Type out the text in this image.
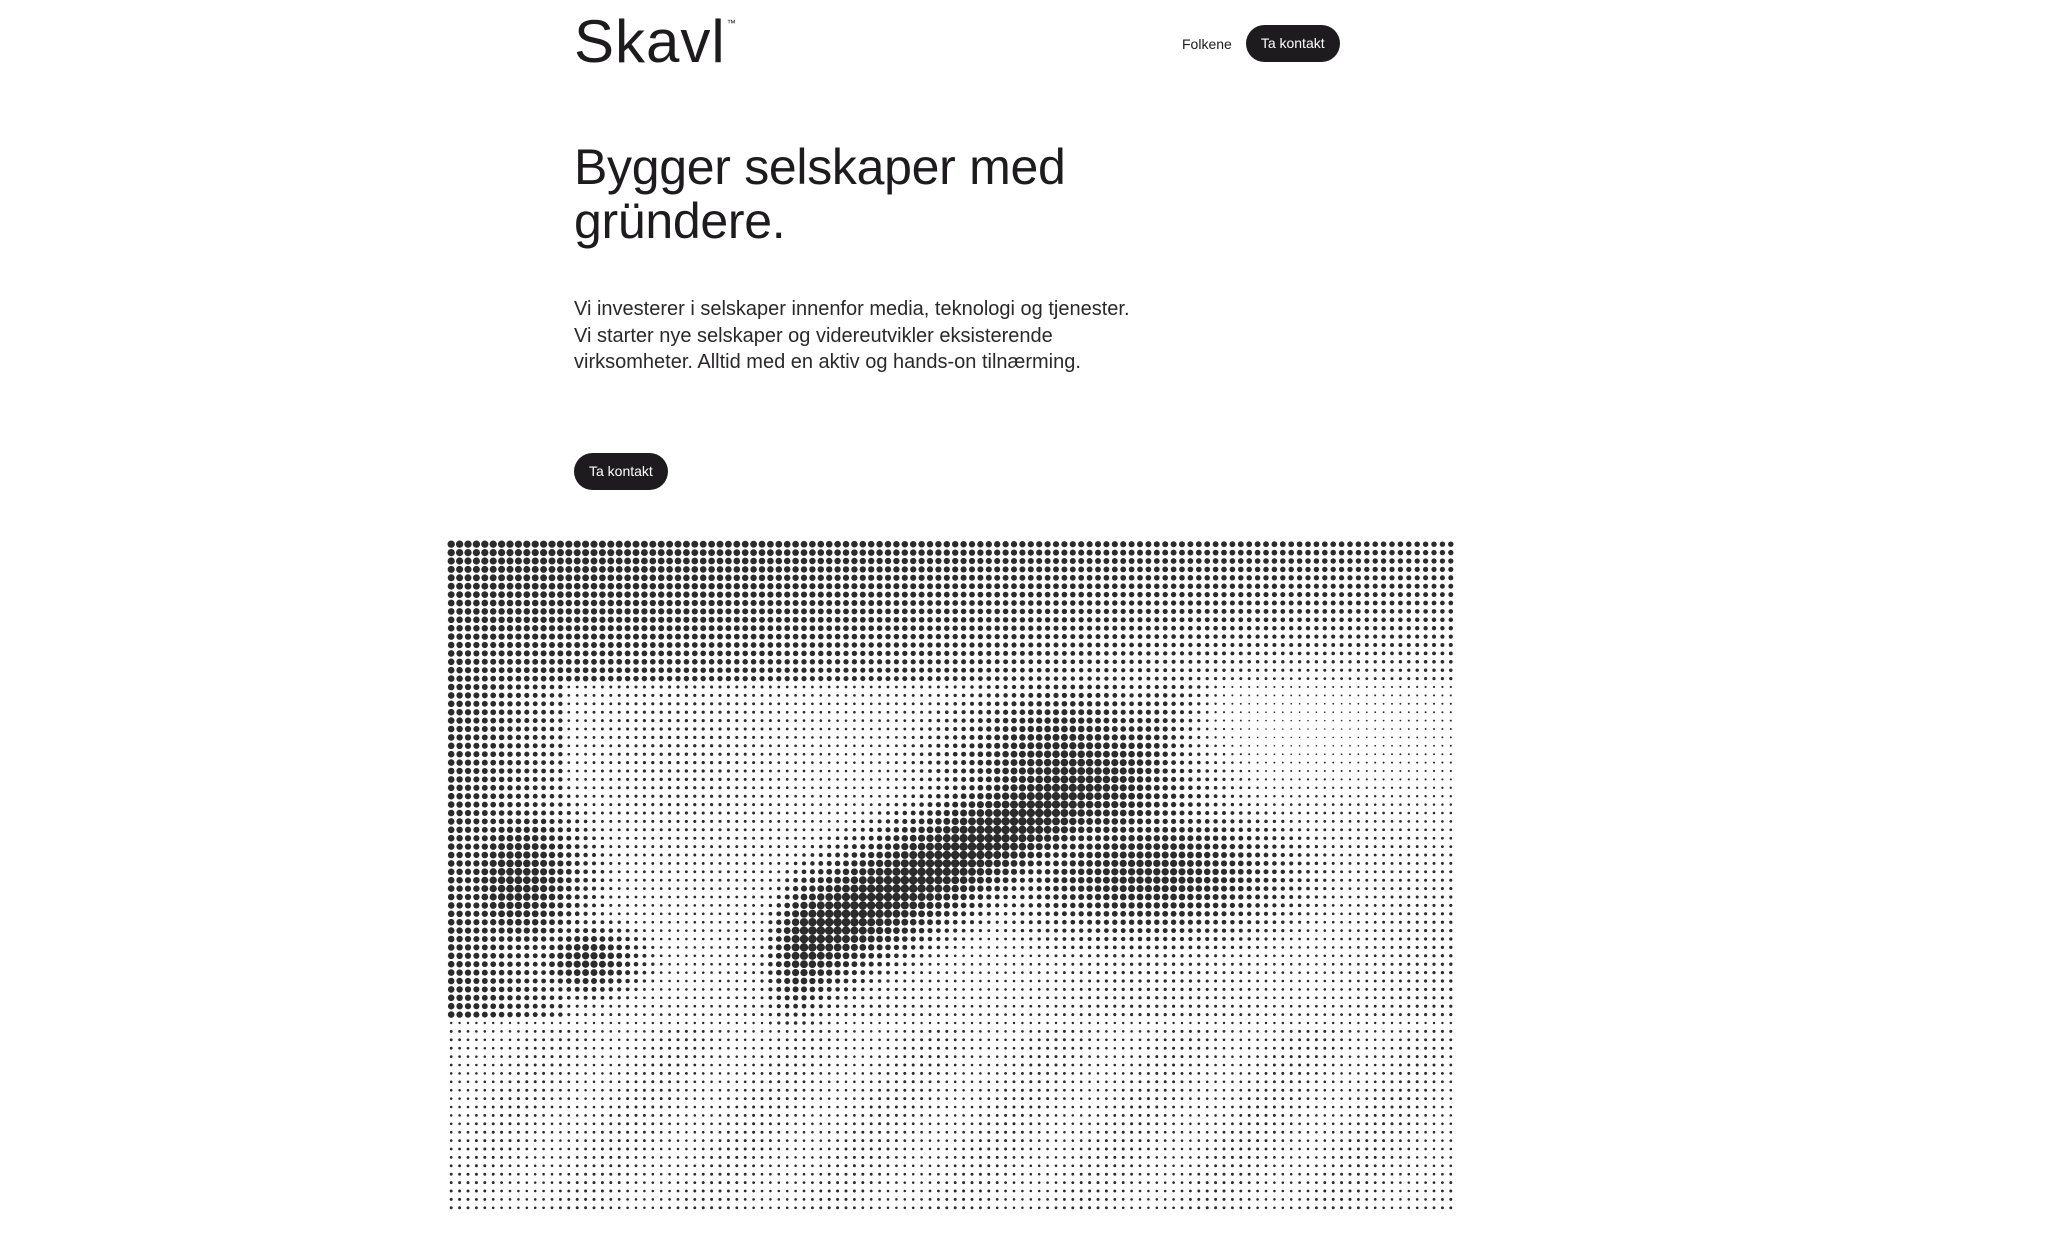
Skavl ™
Folkene	Ta kontakt
Bygger selskaper med
gründere.

Vi investerer i selskaper innenfor media, teknologi og tjenester. Vi starter nye selskaper og videreutvikler eksisterende virksomheter. Alltid med en aktiv og hands-on tilnærming.

Ta kontakt
